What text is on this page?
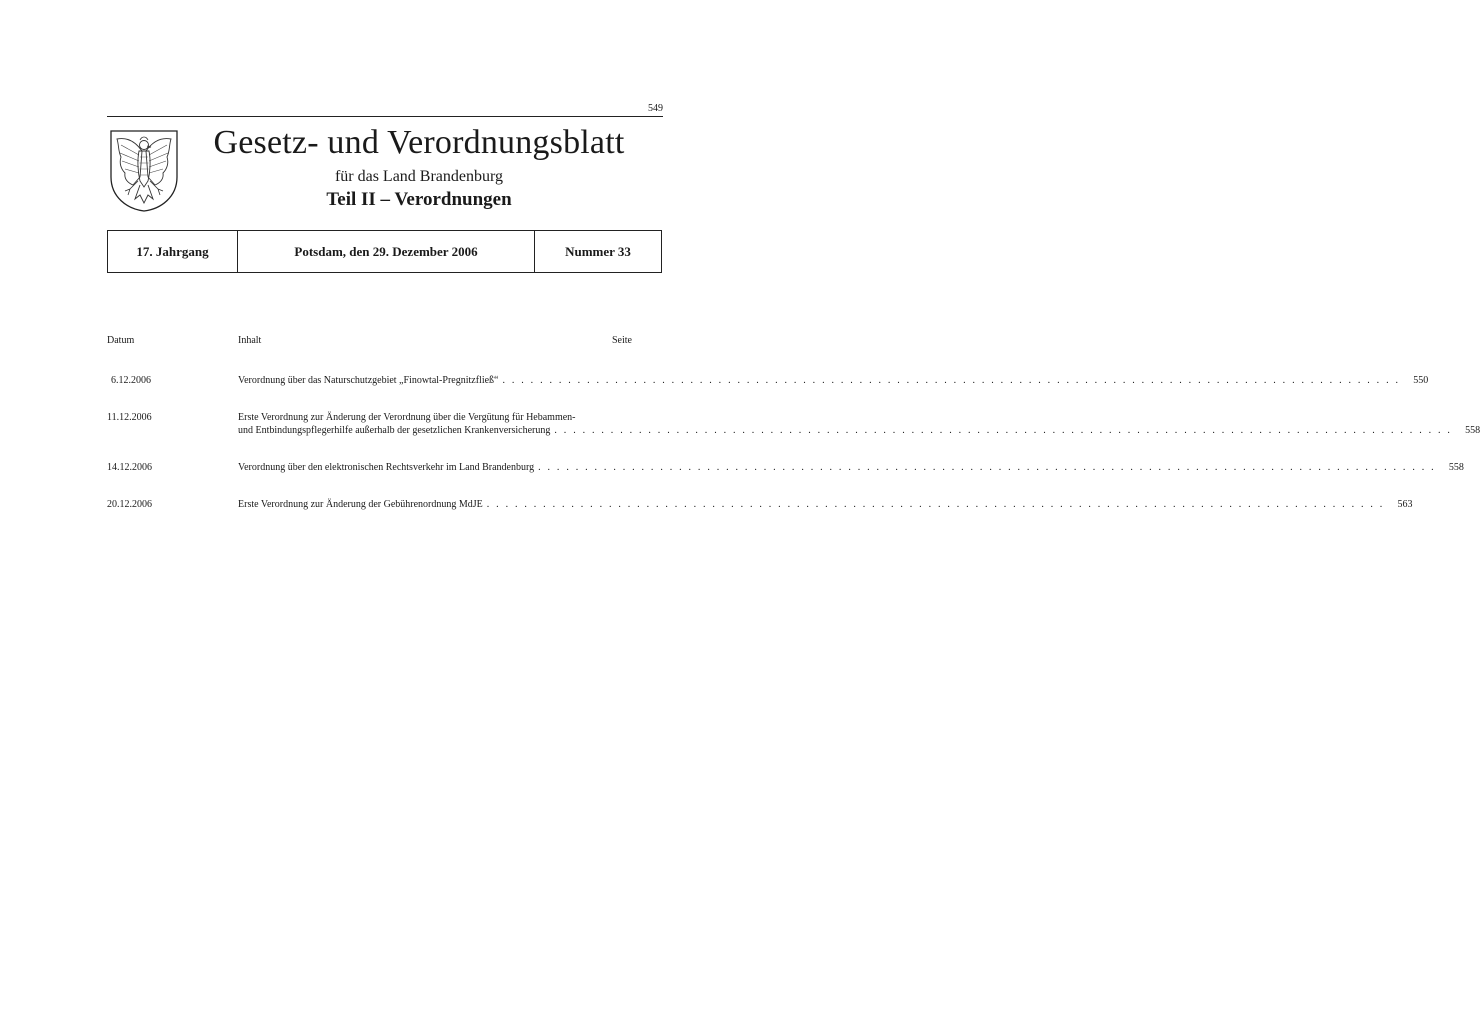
549
Gesetz- und Verordnungsblatt
für das Land Brandenburg
Teil II – Verordnungen
17. Jahrgang	Potsdam, den 29. Dezember 2006	Nummer 33
Datum	Inhalt	Seite
6.12.2006	Verordnung über das Naturschutzgebiet „Finowtal-Pregnitzfließ“ . . .	550
11.12.2006	Erste Verordnung zur Änderung der Verordnung über die Vergütung für Hebammen-
und Entbindungspflegerhilfe außerhalb der gesetzlichen Krankenversicherung . . .	558
14.12.2006	Verordnung über den elektronischen Rechtsverkehr im Land Brandenburg . . .	558
20.12.2006	Erste Verordnung zur Änderung der Gebührenordnung MdJE . . .	563
